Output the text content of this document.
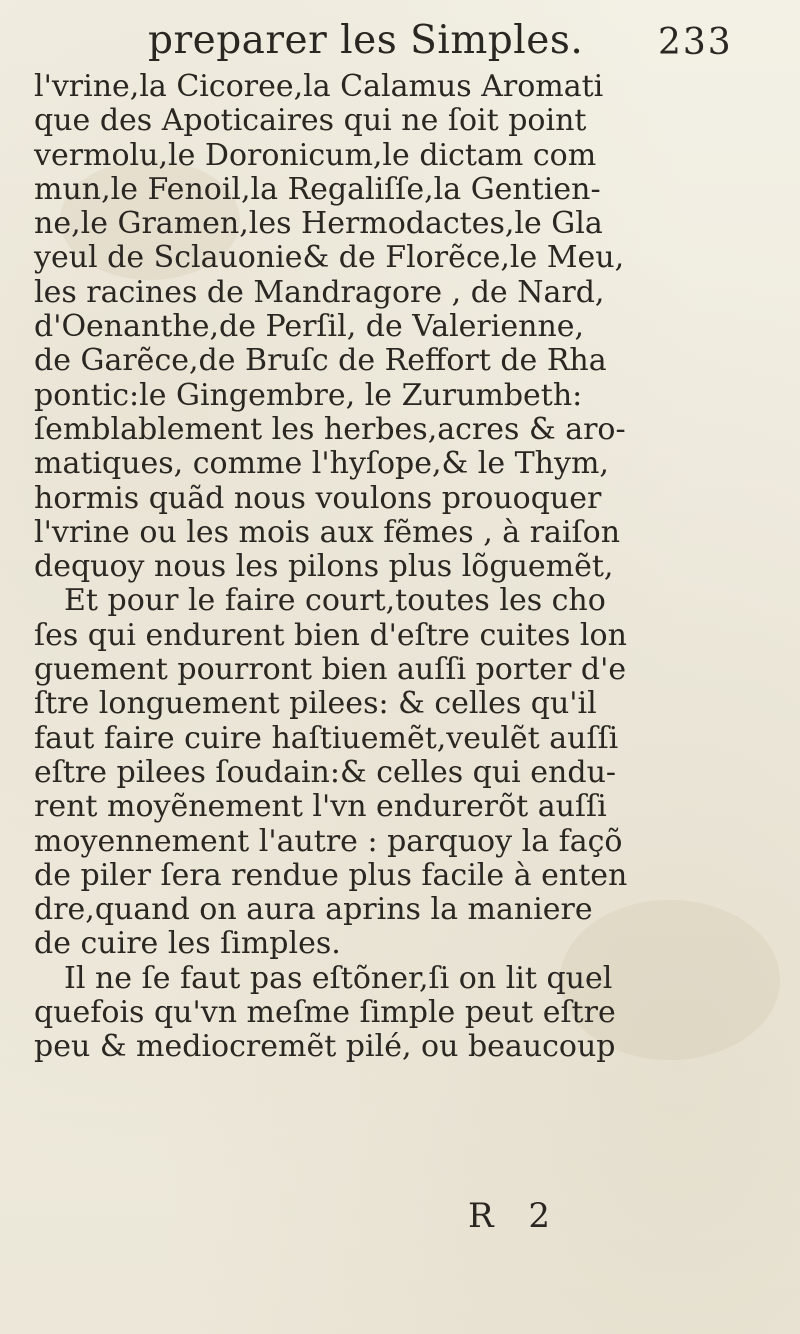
preparer les Simples. 233
l'vrine,la Cicoree,la Calamus Aromati
que des Apoticaires qui ne ſoit point
vermolu,le Doronicum,le dictam com
mun,le Fenoil,la Regaliſſe,la Gentien-
ne,le Gramen,les Hermodactes,le Gla
yeul de Sclauonie& de Florẽce,le Meu,
les racines de Mandragore , de Nard,
d'Oenanthe,de Perſil, de Valerienne,
de Garẽce,de Bruſc de Reffort de Rha
pontic:le Gingembre, le Zurumbeth:
ſemblablement les herbes,acres & aro-
matiques, comme l'hyſope,& le Thym,
hormis quãd nous voulons prouoquer
l'vrine ou les mois aux fẽmes , à raiſon
dequoy nous les pilons plus lõguemẽt,
Et pour le faire court,toutes les cho
ſes qui endurent bien d'eſtre cuites lon
guement pourront bien auſſi porter d'e
ſtre longuement pilees: & celles qu'il
faut faire cuire haſtiuemẽt,veulẽt auſſi
eſtre pilees ſoudain:& celles qui endu-
rent moyẽnement l'vn endurerõt auſſi
moyennement l'autre : parquoy la façõ
de piler ſera rendue plus facile à enten
dre,quand on aura aprins la maniere
de cuire les ſimples.
Il ne ſe faut pas eſtõner,ſi on lit quel
quefois qu'vn meſme ſimple peut eſtre
peu & mediocremẽt pilé, ou beaucoup
R 2
